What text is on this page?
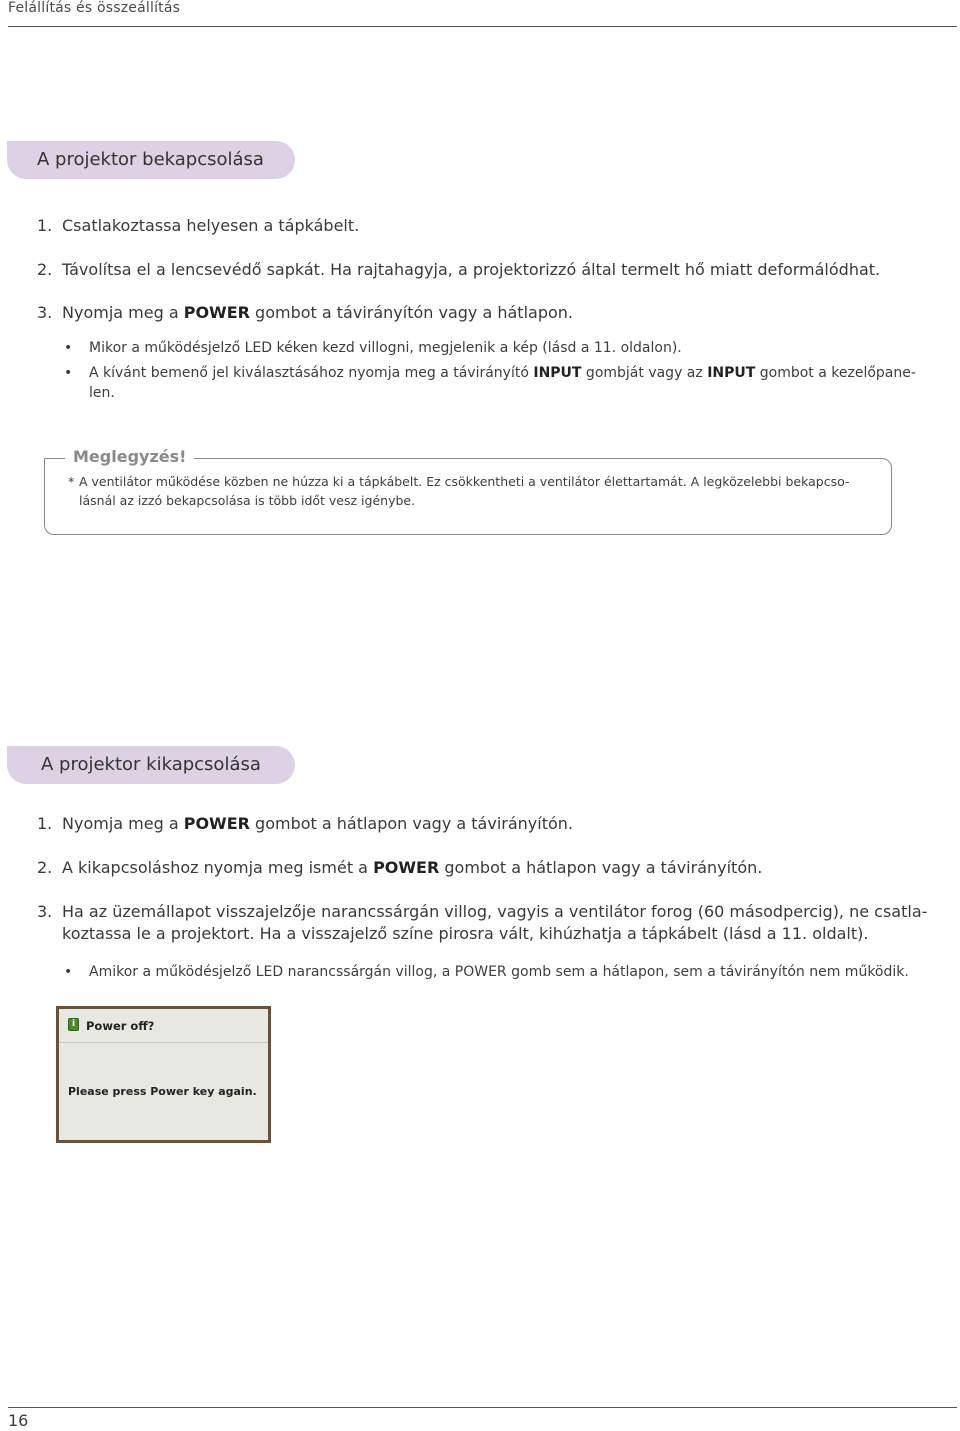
Felállítás és összeállítás
A projektor bekapcsolása
1. Csatlakoztassa helyesen a tápkábelt.
2. Távolítsa el a lencsevédő sapkát. Ha rajtahagyja, a projektorizzó által termelt hő miatt deformálódhat.
3. Nyomja meg a POWER gombot a távirányítón vagy a hátlapon.
• Mikor a működésjelző LED kéken kezd villogni, megjelenik a kép (lásd a 11. oldalon).
• A kívánt bemenő jel kiválasztásához nyomja meg a távirányító INPUT gombját vagy az INPUT gombot a kezelőpane-len.
Meglegyzés!
* A ventilátor működése közben ne húzza ki a tápkábelt. Ez csökkentheti a ventilátor élettartamát. A legközelebbi bekapcso-lásnál az izzó bekapcsolása is több időt vesz igénybe.
A projektor kikapcsolása
1. Nyomja meg a POWER gombot a hátlapon vagy a távirányítón.
2. A kikapcsoláshoz nyomja meg ismét a POWER gombot a hátlapon vagy a távirányítón.
3. Ha az üzemállapot visszajelzője narancssárgán villog, vagyis a ventilátor forog (60 másodpercig), ne csatla-koztassa le a projektort. Ha a visszajelző színe pirosra vált, kihúzhatja a tápkábelt (lásd a 11. oldalt).
• Amikor a működésjelző LED narancssárgán villog, a POWER gomb sem a hátlapon, sem a távirányítón nem működik.
i Power off?
Please press Power key again.
16
